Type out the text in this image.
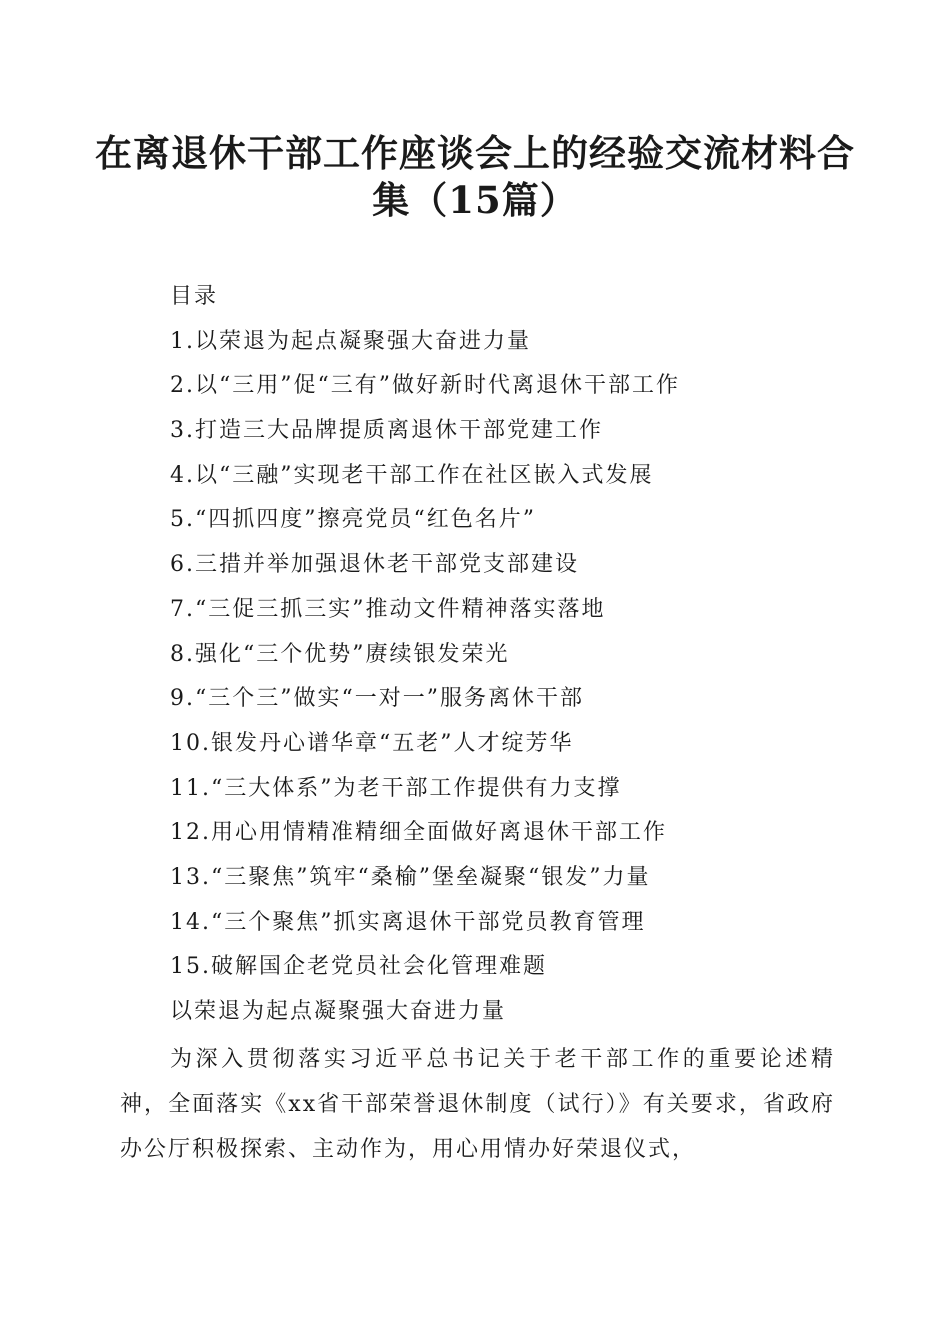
在离退休干部工作座谈会上的经验交流材料合
集（15篇）
目录
1.以荣退为起点凝聚强大奋进力量
2.以“三用”促“三有”做好新时代离退休干部工作
3.打造三大品牌提质离退休干部党建工作
4.以“三融”实现老干部工作在社区嵌入式发展
5.“四抓四度”擦亮党员“红色名片”
6.三措并举加强退休老干部党支部建设
7.“三促三抓三实”推动文件精神落实落地
8.强化“三个优势”赓续银发荣光
9.“三个三”做实“一对一”服务离休干部
10.银发丹心谱华章“五老”人才绽芳华
11.“三大体系”为老干部工作提供有力支撑
12.用心用情精准精细全面做好离退休干部工作
13.“三聚焦”筑牢“桑榆”堡垒凝聚“银发”力量
14.“三个聚焦”抓实离退休干部党员教育管理
15.破解国企老党员社会化管理难题
以荣退为起点凝聚强大奋进力量

为深入贯彻落实习近平总书记关于老干部工作的重要论述精神，全面落实《xx省干部荣誉退休制度（试行）》有关要求，省政府办公厅积极探索、主动作为，用心用情办好荣退仪式，
